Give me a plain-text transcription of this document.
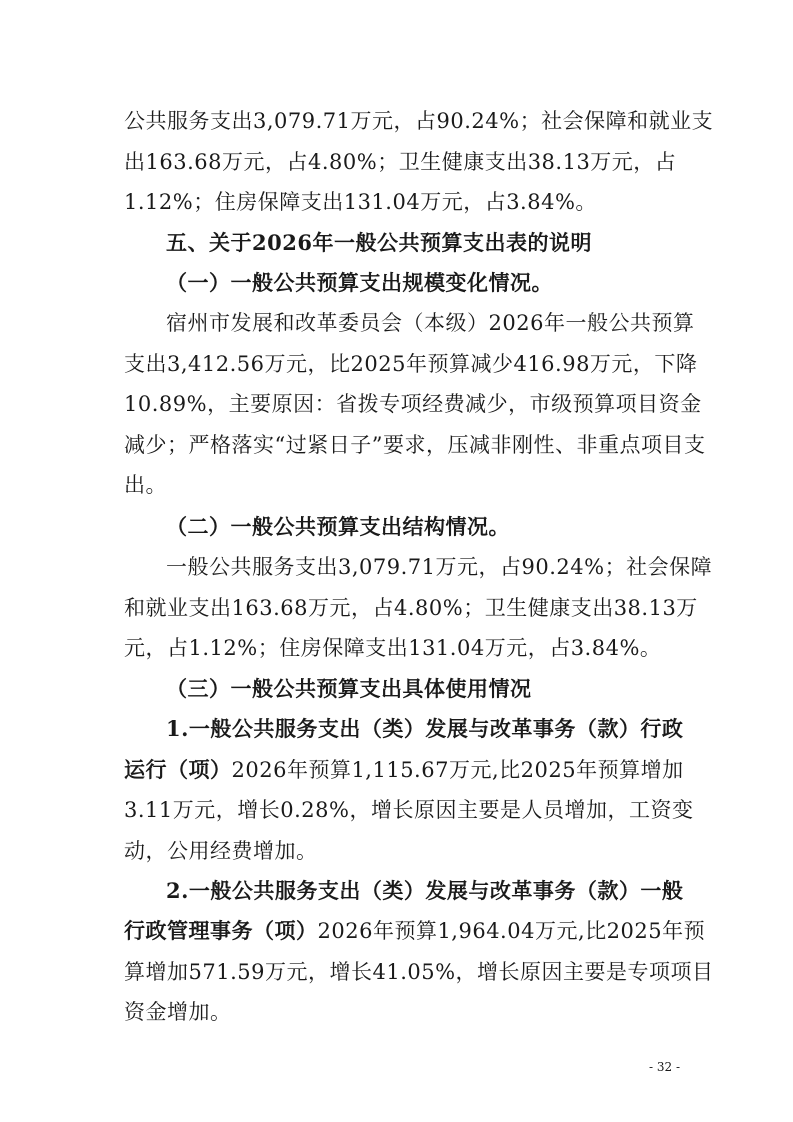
公共服务支出3,079.71万元，占90.24%；社会保障和就业支
出163.68万元，占4.80%；卫生健康支出38.13万元，占
1.12%；住房保障支出131.04万元，占3.84%。
五、关于2026年一般公共预算支出表的说明
（一）一般公共预算支出规模变化情况。
宿州市发展和改革委员会（本级）2026年一般公共预算
支出3,412.56万元，比2025年预算减少416.98万元，下降
10.89%，主要原因：省拨专项经费减少，市级预算项目资金
减少；严格落实“过紧日子”要求，压减非刚性、非重点项目支
出。
（二）一般公共预算支出结构情况。
一般公共服务支出3,079.71万元，占90.24%；社会保障
和就业支出163.68万元，占4.80%；卫生健康支出38.13万
元，占1.12%；住房保障支出131.04万元，占3.84%。
（三）一般公共预算支出具体使用情况
1.一般公共服务支出（类）发展与改革事务（款）行政
运行（项）2026年预算1,115.67万元,比2025年预算增加
3.11万元，增长0.28%，增长原因主要是人员增加，工资变
动，公用经费增加。
2.一般公共服务支出（类）发展与改革事务（款）一般
行政管理事务（项）2026年预算1,964.04万元,比2025年预
算增加571.59万元，增长41.05%，增长原因主要是专项项目
资金增加。
- 32 -
